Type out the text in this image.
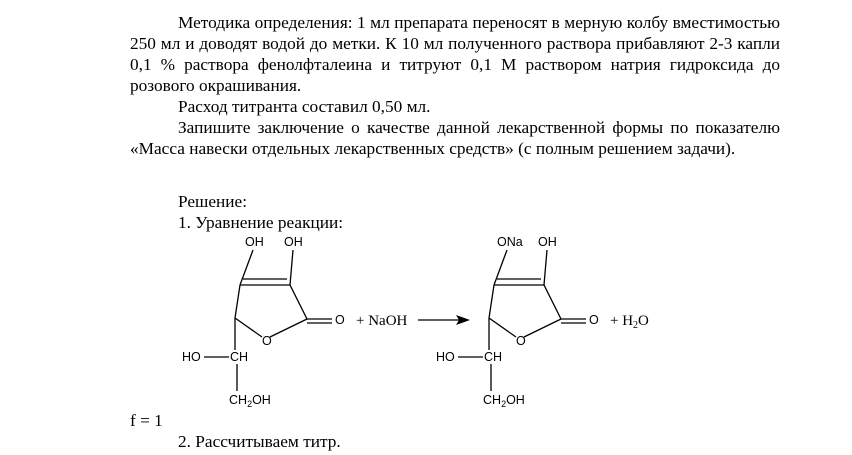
Методика определения: 1 мл препарата переносят в мерную колбу вместимостью 250 мл и доводят водой до метки. К 10 мл полученного раствора прибавляют 2-3 капли 0,1 % раствора фенолфталеина и титруют 0,1 М раствором натрия гидроксида до розового окрашивания.

Расход титранта составил 0,50 мл.

Запишите заключение о качестве данной лекарственной формы по показателю «Масса навески отдельных лекарственных средств» (с полным решением задачи).

Решение:
1. Уравнение реакции:
OH OH
O
O
HO CH
$CH_2OH$
+ NaOH
ONa OH
O
O
HO CH
$CH_2OH$
+ $H_2O$
f = 1
2. Рассчитываем титр.
